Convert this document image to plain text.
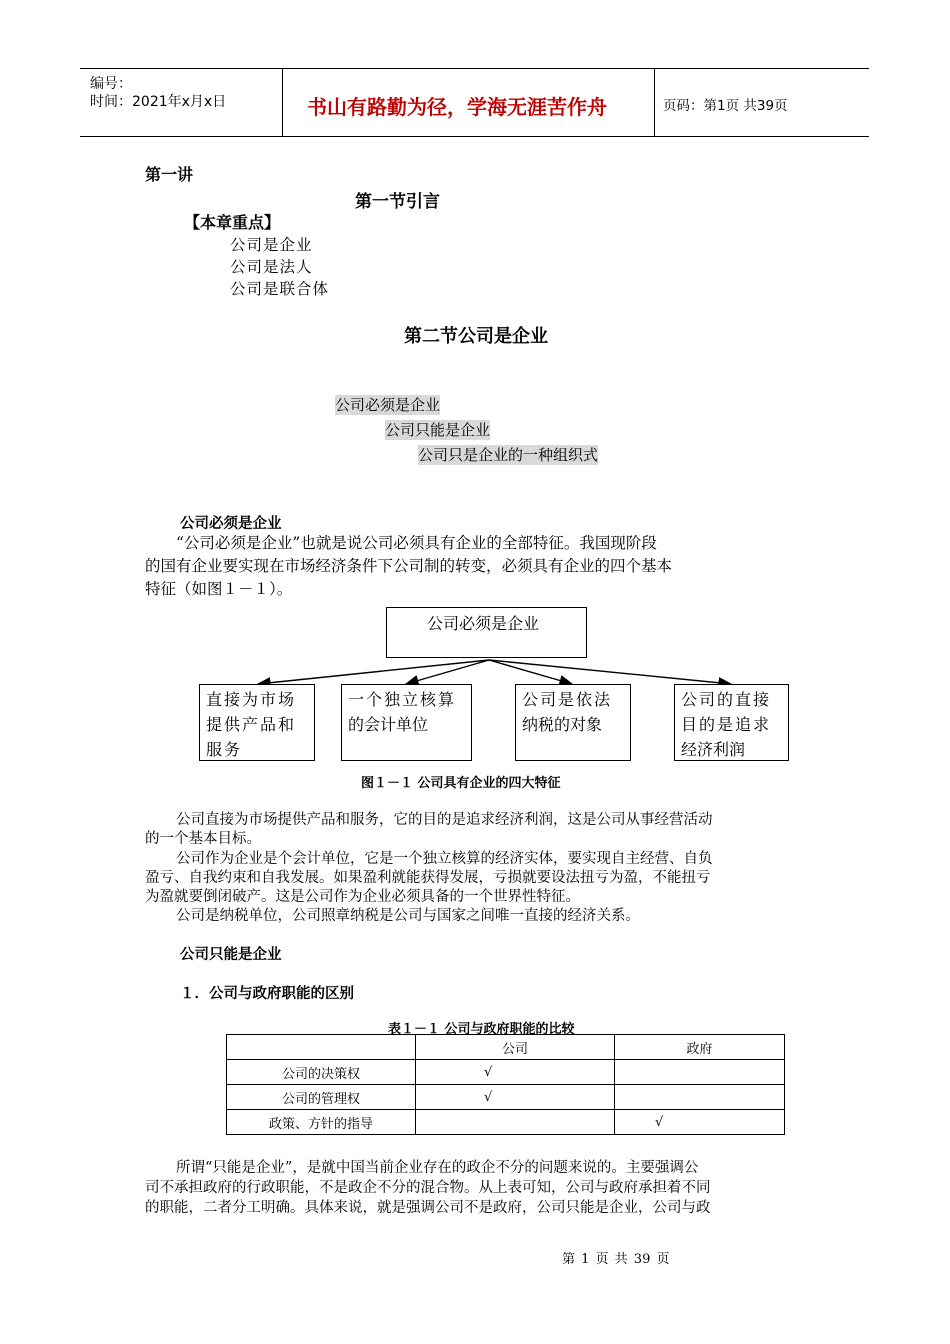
编号：
时间：2021年x月x日	书山有路勤为径，学海无涯苦作舟	页码：第1页 共39页
第一讲
第一节引言
【本章重点】
公司是企业
公司是法人
公司是联合体
第二节公司是企业
公司必须是企业
公司只能是企业
公司只是企业的一种组织式
公司必须是企业
“公司必须是企业”也就是说公司必须具有企业的全部特征。我国现阶段
的国有企业要实现在市场经济条件下公司制的转变，必须具有企业的四个基本
特征（如图１－１）。
公司必须是企业
直接为市场
提供产品和
服务
一个独立核算
的会计单位
公司是依法
纳税的对象
公司的直接
目的是追求
经济利润
图１－１ 公司具有企业的四大特征
公司直接为市场提供产品和服务，它的目的是追求经济利润，这是公司从事经营活动
的一个基本目标。
公司作为企业是个会计单位，它是一个独立核算的经济实体，要实现自主经营、自负
盈亏、自我约束和自我发展。如果盈利就能获得发展，亏损就要设法扭亏为盈，不能扭亏
为盈就要倒闭破产。这是公司作为企业必须具备的一个世界性特征。
公司是纳税单位，公司照章纳税是公司与国家之间唯一直接的经济关系。
公司只能是企业
１．公司与政府职能的区别
表１－１ 公司与政府职能的比较
	公司	政府
公司的决策权	√	
公司的管理权	√	
政策、方针的指导		√
所谓“只能是企业”，是就中国当前企业存在的政企不分的问题来说的。主要强调公
司不承担政府的行政职能，不是政企不分的混合物。从上表可知，公司与政府承担着不同
的职能，二者分工明确。具体来说，就是强调公司不是政府，公司只能是企业，公司与政
第 1 页 共 39 页
